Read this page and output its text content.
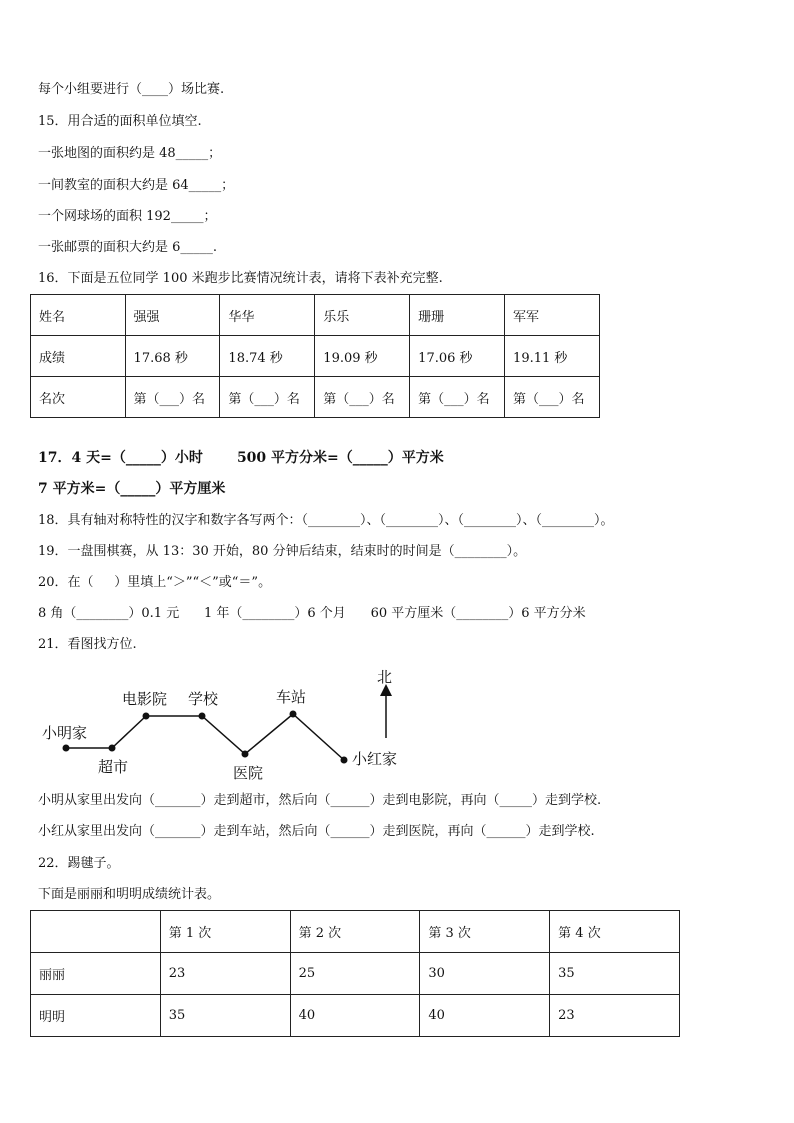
每个小组要进行（____）场比赛.
15．用合适的面积单位填空.
一张地图的面积约是 48_____；
一间教室的面积大约是 64_____；
一个网球场的面积 192_____；
一张邮票的面积大约是 6_____.
16．下面是五位同学 100 米跑步比赛情况统计表，请将下表补充完整.
姓名	强强	华华	乐乐	珊珊	军军
成绩	17.68 秒	18.74 秒	19.09 秒	17.06 秒	19.11 秒
名次	第（___）名	第（___）名	第（___）名	第（___）名	第（___）名
17．4 天=（_____）小时       500 平方分米=（_____）平方米
7 平方米=（_____）平方厘米
18．具有轴对称特性的汉字和数字各写两个：（________）、（________）、（________）、（________）。
19．一盘围棋赛，从 13：30 开始，80 分钟后结束，结束时的时间是（________）。
20．在（     ）里填上“＞”“＜”或“＝”。
8 角（________）0.1 元      1 年（________）6 个月      60 平方厘米（________）6 平方分米
21．看图找方位.
北
小明家
超市
电影院 学校
医院
车站
小红家
小明从家里出发向（_______）走到超市，然后向（______）走到电影院，再向（_____）走到学校.
小红从家里出发向（_______）走到车站，然后向（______）走到医院，再向（______）走到学校.
22．踢毽子。
下面是丽丽和明明成绩统计表。
	第 1 次	第 2 次	第 3 次	第 4 次
丽丽	23	25	30	35
明明	35	40	40	23
